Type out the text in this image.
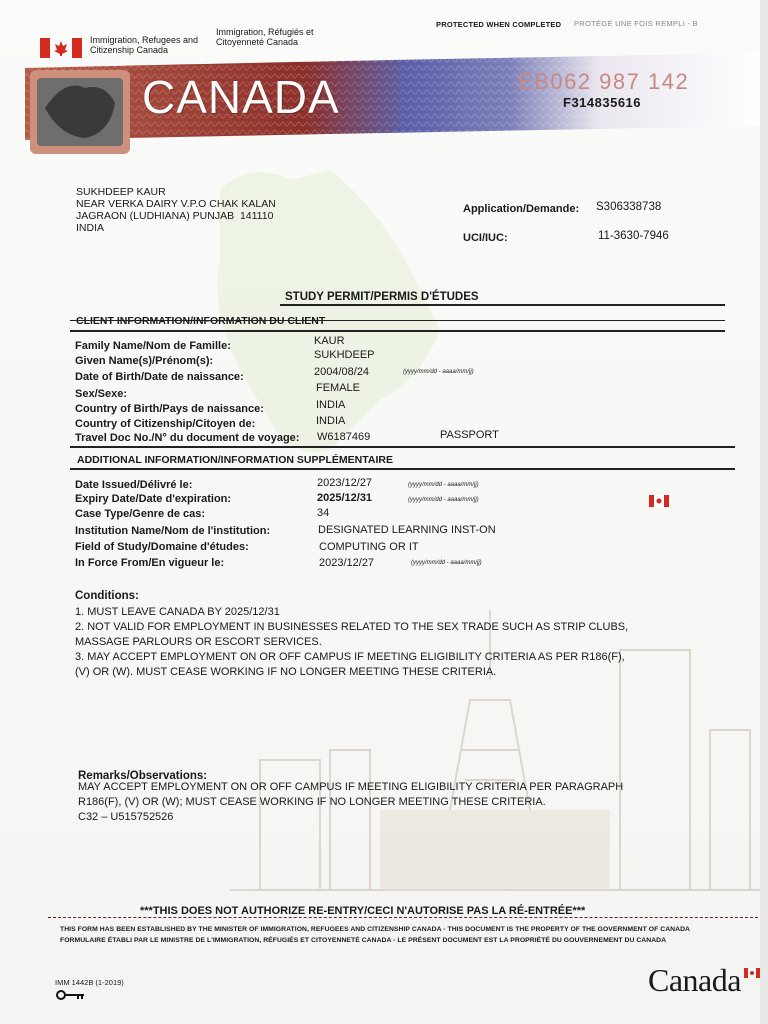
Immigration, Refugees and Citizenship Canada
Immigration, Réfugiés et Citoyenneté Canada
PROTECTED WHEN COMPLETED PROTÉGÉ UNE FOIS REMPLI - B
CANADA	EB062 987 142
F314835616
SUKHDEEP KAUR
NEAR VERKA DAIRY V.P.O CHAK KALAN
JAGRAON (LUDHIANA) PUNJAB  141110
INDIA
Application/Demande: S306338738
UCI/IUC:	11-3630-7946
STUDY PERMIT/PERMIS D'ÉTUDES
CLIENT INFORMATION/INFORMATION DU CLIENT
Family Name/Nom de Famille:	KAUR
Given Name(s)/Prénom(s):	SUKHDEEP
Date of Birth/Date de naissance:	2004/08/24	(yyyy/mm/dd - aaaa/mm/jj)
Sex/Sexe:	FEMALE
Country of Birth/Pays de naissance:	INDIA
Country of Citizenship/Citoyen de:	INDIA
Travel Doc No./N° du document de voyage: W6187469	PASSPORT
ADDITIONAL INFORMATION/INFORMATION SUPPLÉMENTAIRE
Date Issued/Délivré le:	2023/12/27	(yyyy/mm/dd - aaaa/mm/jj)
Expiry Date/Date d'expiration:	2025/12/31	(yyyy/mm/dd - aaaa/mm/jj)
Case Type/Genre de cas:	34
Institution Name/Nom de l'institution:	DESIGNATED LEARNING INST-ON
Field of Study/Domaine d'études:	COMPUTING OR IT
In Force From/En vigueur le:	2023/12/27	(yyyy/mm/dd - aaaa/mm/jj)
Conditions:
1. MUST LEAVE CANADA BY 2025/12/31
2. NOT VALID FOR EMPLOYMENT IN BUSINESSES RELATED TO THE SEX TRADE SUCH AS STRIP CLUBS,
MASSAGE PARLOURS OR ESCORT SERVICES.
3. MAY ACCEPT EMPLOYMENT ON OR OFF CAMPUS IF MEETING ELIGIBILITY CRITERIA AS PER R186(F),
(V) OR (W). MUST CEASE WORKING IF NO LONGER MEETING THESE CRITERIA.
Remarks/Observations:
MAY ACCEPT EMPLOYMENT ON OR OFF CAMPUS IF MEETING ELIGIBILITY CRITERIA PER PARAGRAPH
R186(F), (V) OR (W); MUST CEASE WORKING IF NO LONGER MEETING THESE CRITERIA.
C32 – U515752526
***THIS DOES NOT AUTHORIZE RE-ENTRY/CECI N'AUTORISE PAS LA RÉ-ENTRÉE***
THIS FORM HAS BEEN ESTABLISHED BY THE MINISTER OF IMMIGRATION, REFUGEES AND CITIZENSHIP CANADA - THIS DOCUMENT IS THE PROPERTY OF THE GOVERNMENT OF CANADA
FORMULAIRE ÉTABLI PAR LE MINISTRE DE L'IMMIGRATION, RÉFUGIÉS ET CITOYENNETÉ CANADA - LE PRÉSENT DOCUMENT EST LA PROPRIÉTÉ DU GOUVERNEMENT DU CANADA
IMM 1442B (1-2019)	Canada
